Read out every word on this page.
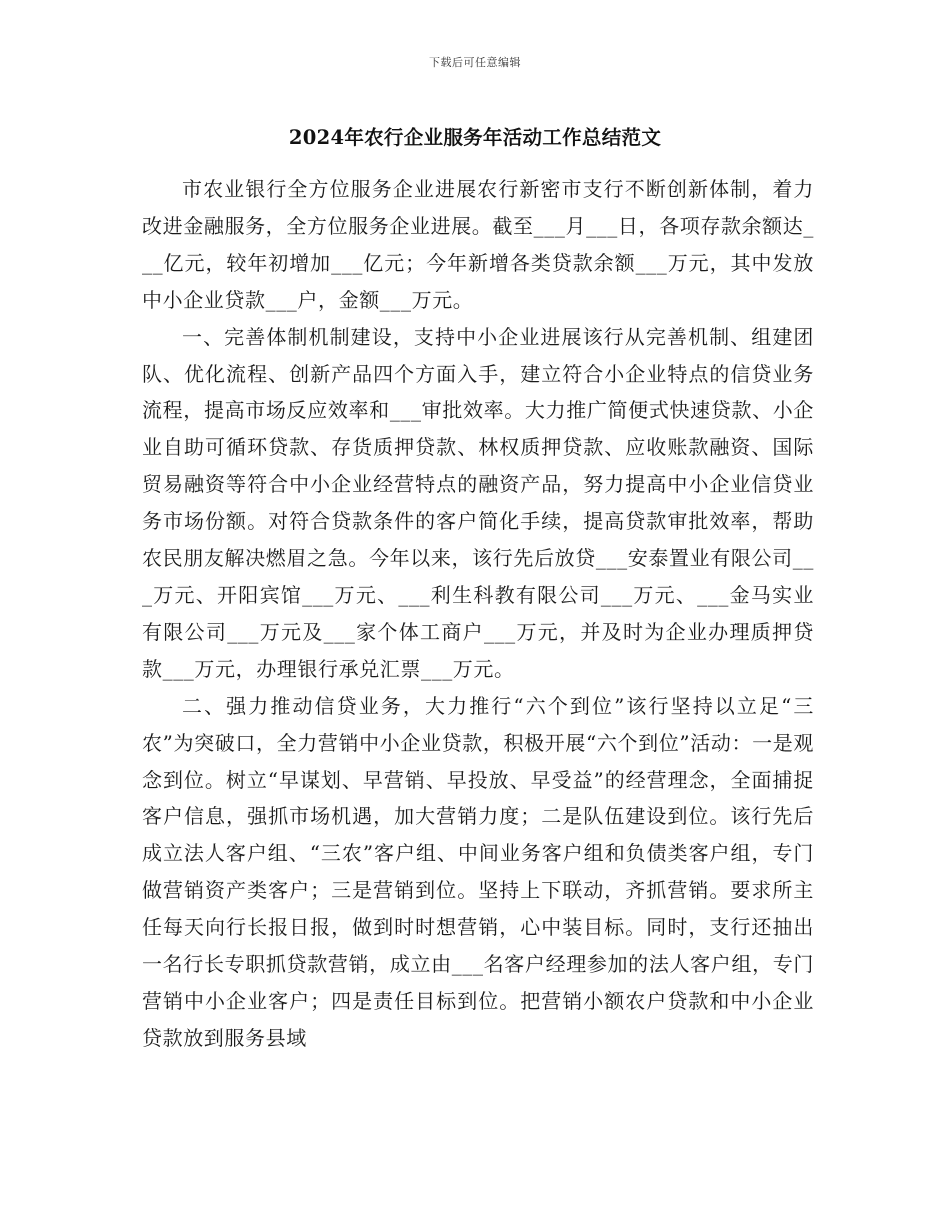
下载后可任意编辑
2024年农行企业服务年活动工作总结范文

市农业银行全方位服务企业进展农行新密市支行不断创新体制，着力改进金融服务，全方位服务企业进展。截至___月___日，各项存款余额达___亿元，较年初增加___亿元；今年新增各类贷款余额___万元，其中发放中小企业贷款___户，金额___万元。

一、完善体制机制建设，支持中小企业进展该行从完善机制、组建团队、优化流程、创新产品四个方面入手，建立符合小企业特点的信贷业务流程，提高市场反应效率和___审批效率。大力推广简便式快速贷款、小企业自助可循环贷款、存货质押贷款、林权质押贷款、应收账款融资、国际贸易融资等符合中小企业经营特点的融资产品，努力提高中小企业信贷业务市场份额。对符合贷款条件的客户简化手续，提高贷款审批效率，帮助农民朋友解决燃眉之急。今年以来，该行先后放贷___安泰置业有限公司___万元、开阳宾馆___万元、___利生科教有限公司___万元、___金马实业有限公司___万元及___家个体工商户___万元，并及时为企业办理质押贷款___万元，办理银行承兑汇票___万元。

二、强力推动信贷业务，大力推行“六个到位”该行坚持以立足“三农”为突破口，全力营销中小企业贷款，积极开展“六个到位”活动：一是观念到位。树立“早谋划、早营销、早投放、早受益”的经营理念，全面捕捉客户信息，强抓市场机遇，加大营销力度；二是队伍建设到位。该行先后成立法人客户组、“三农”客户组、中间业务客户组和负债类客户组，专门做营销资产类客户；三是营销到位。坚持上下联动，齐抓营销。要求所主任每天向行长报日报，做到时时想营销，心中装目标。同时，支行还抽出一名行长专职抓贷款营销，成立由___名客户经理参加的法人客户组，专门营销中小企业客户；四是责任目标到位。把营销小额农户贷款和中小企业贷款放到服务县域
